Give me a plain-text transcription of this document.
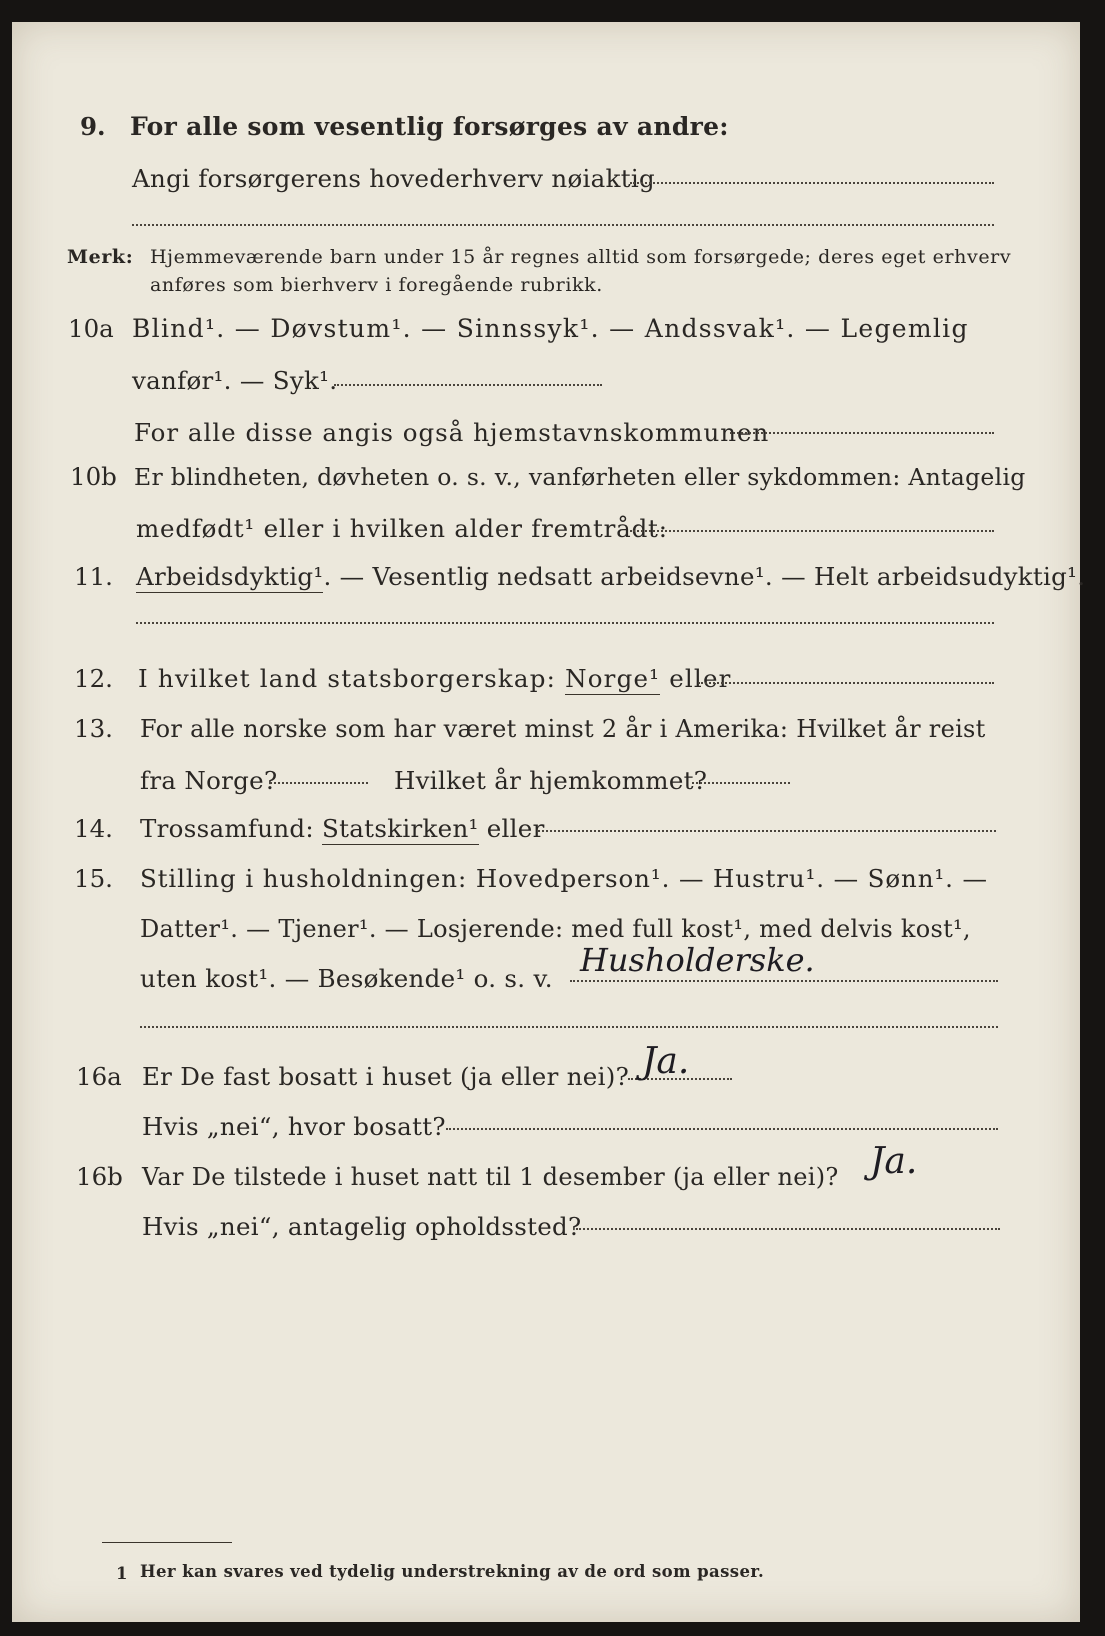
9. For alle som vesentlig forsørges av andre:
Angi forsørgerens hovederhverv nøiaktig
Merk: Hjemmeværende barn under 15 år regnes alltid som forsørgede; deres eget erhverv
anføres som bierhverv i foregående rubrikk.
10a Blind¹. — Døvstum¹. — Sinnssyk¹. — Andssvak¹. — Legemlig
vanfør¹. — Syk¹.
For alle disse angis også hjemstavnskommunen
10b Er blindheten, døvheten o. s. v., vanførheten eller sykdommen: Antagelig
medfødt¹ eller i hvilken alder fremtrådt:
11. Arbeidsdyktig¹. — Vesentlig nedsatt arbeidsevne¹. — Helt arbeidsudyktig¹.
12. I hvilket land statsborgerskap: Norge¹ eller
13. For alle norske som har været minst 2 år i Amerika: Hvilket år reist
fra Norge?	Hvilket år hjemkommet?
14. Trossamfund: Statskirken¹ eller
15. Stilling i husholdningen: Hovedperson¹. — Hustru¹. — Sønn¹. —
Datter¹. — Tjener¹. — Losjerende: med full kost¹, med delvis kost¹,
uten kost¹. — Besøkende¹ o. s. v. Husholderske.
16a Er De fast bosatt i huset (ja eller nei)? Ja.
Hvis „nei“, hvor bosatt?
16b Var De tilstede i huset natt til 1 desember (ja eller nei)? Ja.
Hvis „nei“, antagelig opholdssted?
1 Her kan svares ved tydelig understrekning av de ord som passer.
